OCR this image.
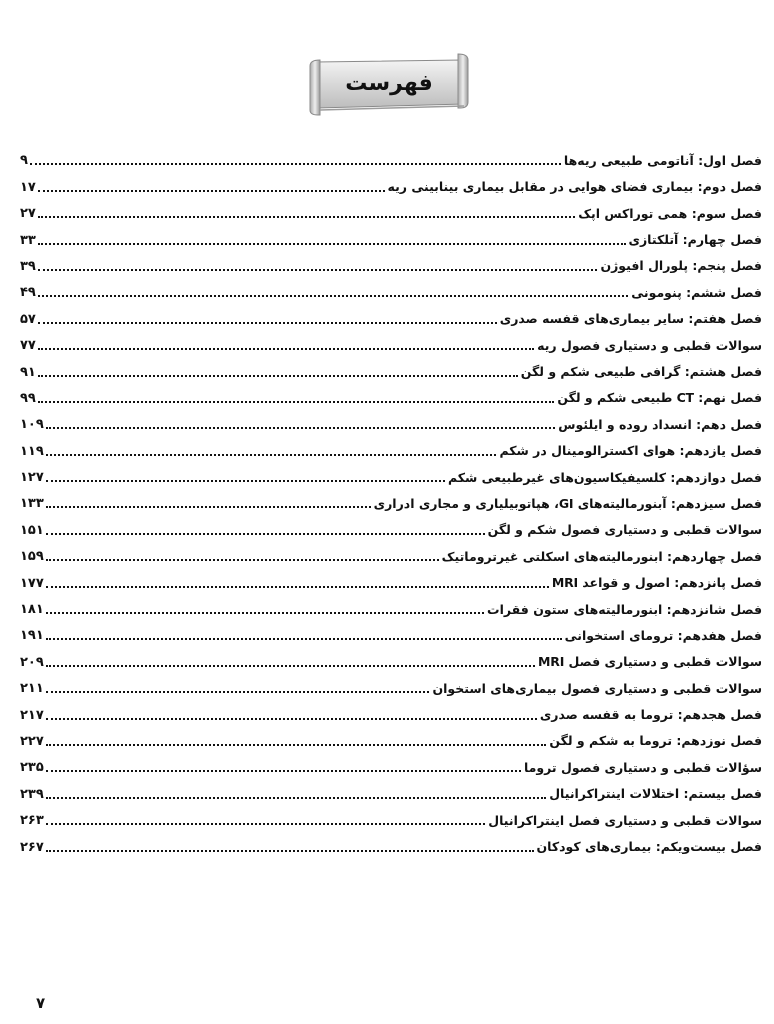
فهرست
فصل اول: آناتومی طبیعی ریه‌ها
۹
فصل دوم: بیماری فضای هوایی در مقابل بیماری بینابینی ریه
۱۷
فصل سوم: همی توراکس اپک
۲۷
فصل چهارم: آتلکتازی
۳۳
فصل پنجم: پلورال افیوژن
۳۹
فصل ششم: پنومونی
۴۹
فصل هفتم: سایر بیماری‌های قفسه صدری
۵۷
سوالات قطبی و دستیاری فصول ریه
۷۷
فصل هشتم: گرافی طبیعی شکم و لگن
۹۱
فصل نهم: CT طبیعی شکم و لگن
۹۹
فصل دهم: انسداد روده و ایلئوس
۱۰۹
فصل یازدهم: هوای اکسترالومینال در شکم
۱۱۹
فصل دوازدهم: کلسیفیکاسیون‌های غیرطبیعی شکم
۱۲۷
فصل سیزدهم: آبنورمالیته‌های GI، هپاتوبیلیاری و مجاری ادراری
۱۳۳
سوالات قطبی و دستیاری فصول شکم و لگن
۱۵۱
فصل چهاردهم: ابنورمالیته‌های اسکلتی غیرتروماتیک
۱۵۹
فصل پانزدهم: اصول و قواعد MRI
۱۷۷
فصل شانزدهم: ابنورمالیته‌های ستون فقرات
۱۸۱
فصل هفدهم: ترومای استخوانی
۱۹۱
سوالات قطبی و دستیاری فصل MRI
۲۰۹
سوالات قطبی و دستیاری فصول بیماری‌های استخوان
۲۱۱
فصل هجدهم: تروما به قفسه صدری
۲۱۷
فصل نوزدهم: تروما به شکم و لگن
۲۲۷
سؤالات قطبی و دستیاری فصول تروما
۲۳۵
فصل بیستم: اختلالات اینتراکرانیال
۲۳۹
سوالات قطبی و دستیاری فصل اینتراکرانیال
۲۶۳
فصل بیست‌ویکم: بیماری‌های کودکان
۲۶۷
۷
